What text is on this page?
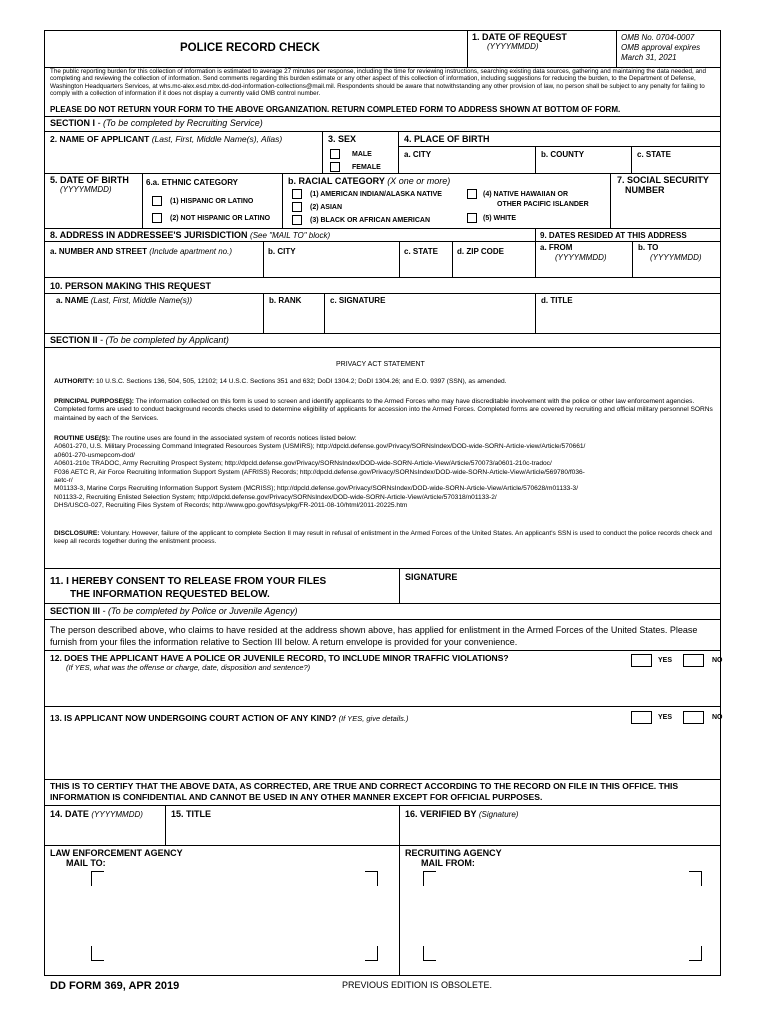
POLICE RECORD CHECK
1. DATE OF REQUEST
(YYYYMMDD)
OMB No. 0704-0007
OMB approval expires
March 31, 2021
The public reporting burden for this collection of information is estimated to average 27 minutes per response, including the time for reviewing instructions, searching existing data sources, gathering and maintaining the data needed, and completing and reviewing the collection of information. Send comments regarding this burden estimate or any other aspect of this collection of information, including suggestions for reducing the burden, to the Department of Defense, Washington Headquarters Services, at whs.mc-alex.esd.mbx.dd-dod-information-collections@mail.mil. Respondents should be aware that notwithstanding any other provision of law, no person shall be subject to any penalty for failing to comply with a collection of information if it does not display a currently valid OMB control number.
PLEASE DO NOT RETURN YOUR FORM TO THE ABOVE ORGANIZATION. RETURN COMPLETED FORM TO ADDRESS SHOWN AT BOTTOM OF FORM.
SECTION I - (To be completed by Recruiting Service)
2. NAME OF APPLICANT (Last, First, Middle Name(s), Alias)	3. SEX
MALE
FEMALE
4. PLACE OF BIRTH
a. CITY	b. COUNTY	c. STATE
5. DATE OF BIRTH
(YYYYMMDD)
6.a. ETHNIC CATEGORY
(1) HISPANIC OR LATINO
(2) NOT HISPANIC OR LATINO
b. RACIAL CATEGORY (X one or more)
(1) AMERICAN INDIAN/ALASKA NATIVE
(2) ASIAN
(3) BLACK OR AFRICAN AMERICAN
(4) NATIVE HAWAIIAN OR
OTHER PACIFIC ISLANDER
(5) WHITE
7. SOCIAL SECURITY
NUMBER
8. ADDRESS IN ADDRESSEE'S JURISDICTION (See "MAIL TO" block)
a. NUMBER AND STREET (Include apartment no.)	b. CITY	c. STATE d. ZIP CODE
9. DATES RESIDED AT THIS ADDRESS
a. FROM
(YYYYMMDD)
b. TO
(YYYYMMDD)
10. PERSON MAKING THIS REQUEST
a. NAME (Last, First, Middle Name(s))	b. RANK	c. SIGNATURE	d. TITLE
SECTION II - (To be completed by Applicant)
PRIVACY ACT STATEMENT
AUTHORITY: 10 U.S.C. Sections 136, 504, 505, 12102; 14 U.S.C. Sections 351 and 632; DoDI 1304.2; DoDI 1304.26; and E.O. 9397 (SSN), as amended.
PRINCIPAL PURPOSE(S): The information collected on this form is used to screen and identify applicants to the Armed Forces who may have discreditable involvement with the police or other law enforcement agencies. Completed forms are used to conduct background records checks used to determine eligibility of applicants for accession into the Armed Forces. Completed forms are covered by recruiting and official military personnel SORNs maintained by each of the Services.
ROUTINE USE(S): The routine uses are found in the associated system of records notices listed below:
A0601-270, U.S. Military Processing Command Integrated Resources System (USMIRS); http://dpcld.defense.gov/Privacy/SORNsIndex/DOD-wide-SORN-Article-view/Article/570661/
a0601-270-usmepcom-dod/
A0601-210c TRADOC, Army Recruiting Prospect System; http://dpcld.defense.gov/Privacy/SORNsIndex/DOD-wide-SORN-Article-View/Article/570073/a0601-210c-tradoc/
F036 AETC R, Air Force Recruiting Information Support System (AFRISS) Records; http://dpcld.defense.gov/Privacy/SORNsIndex/DOD-wide-SORN-Article-View/Article/569780/f036-
aetc-r/
M01133-3, Marine Corps Recruiting Information Support System (MCRISS); http://dpcld.defense.gov/Privacy/SORNsIndex/DOD-wide-SORN-Article-View/Article/570628/m01133-3/
N01133-2, Recruiting Enlisted Selection System; http://dpcld.defense.gov/Privacy/SORNsIndex/DOD-wide-SORN-Article-View/Article/570318/n01133-2/
DHS/USCG-027, Recruiting Files System of Records; http://www.gpo.gov/fdsys/pkg/FR-2011-08-10/html/2011-20225.htm
DISCLOSURE: Voluntary. However, failure of the applicant to complete Section II may result in refusal of enlistment in the Armed Forces of the United States. An applicant's SSN is used to conduct the police records check and keep all records together during the enlistment process.
11. I HEREBY CONSENT TO RELEASE FROM YOUR FILES
THE INFORMATION REQUESTED BELOW.
SIGNATURE
SECTION III - (To be completed by Police or Juvenile Agency)
The person described above, who claims to have resided at the address shown above, has applied for enlistment in the Armed Forces of the United States. Please furnish from your files the information relative to Section III below. A return envelope is provided for your convenience.
12. DOES THE APPLICANT HAVE A POLICE OR JUVENILE RECORD, TO INCLUDE MINOR TRAFFIC VIOLATIONS?
(If YES, what was the offense or charge, date, disposition and sentence?)
YES	NO
13. IS APPLICANT NOW UNDERGOING COURT ACTION OF ANY KIND? (If YES, give details.)	YES	NO
THIS IS TO CERTIFY THAT THE ABOVE DATA, AS CORRECTED, ARE TRUE AND CORRECT ACCORDING TO THE RECORD ON FILE IN THIS OFFICE. THIS INFORMATION IS CONFIDENTIAL AND CANNOT BE USED IN ANY OTHER MANNER EXCEPT FOR OFFICIAL PURPOSES.
14. DATE (YYYYMMDD)	15. TITLE	16. VERIFIED BY (Signature)
LAW ENFORCEMENT AGENCY
MAIL TO:
RECRUITING AGENCY
MAIL FROM:
DD FORM 369, APR 2019	PREVIOUS EDITION IS OBSOLETE.
